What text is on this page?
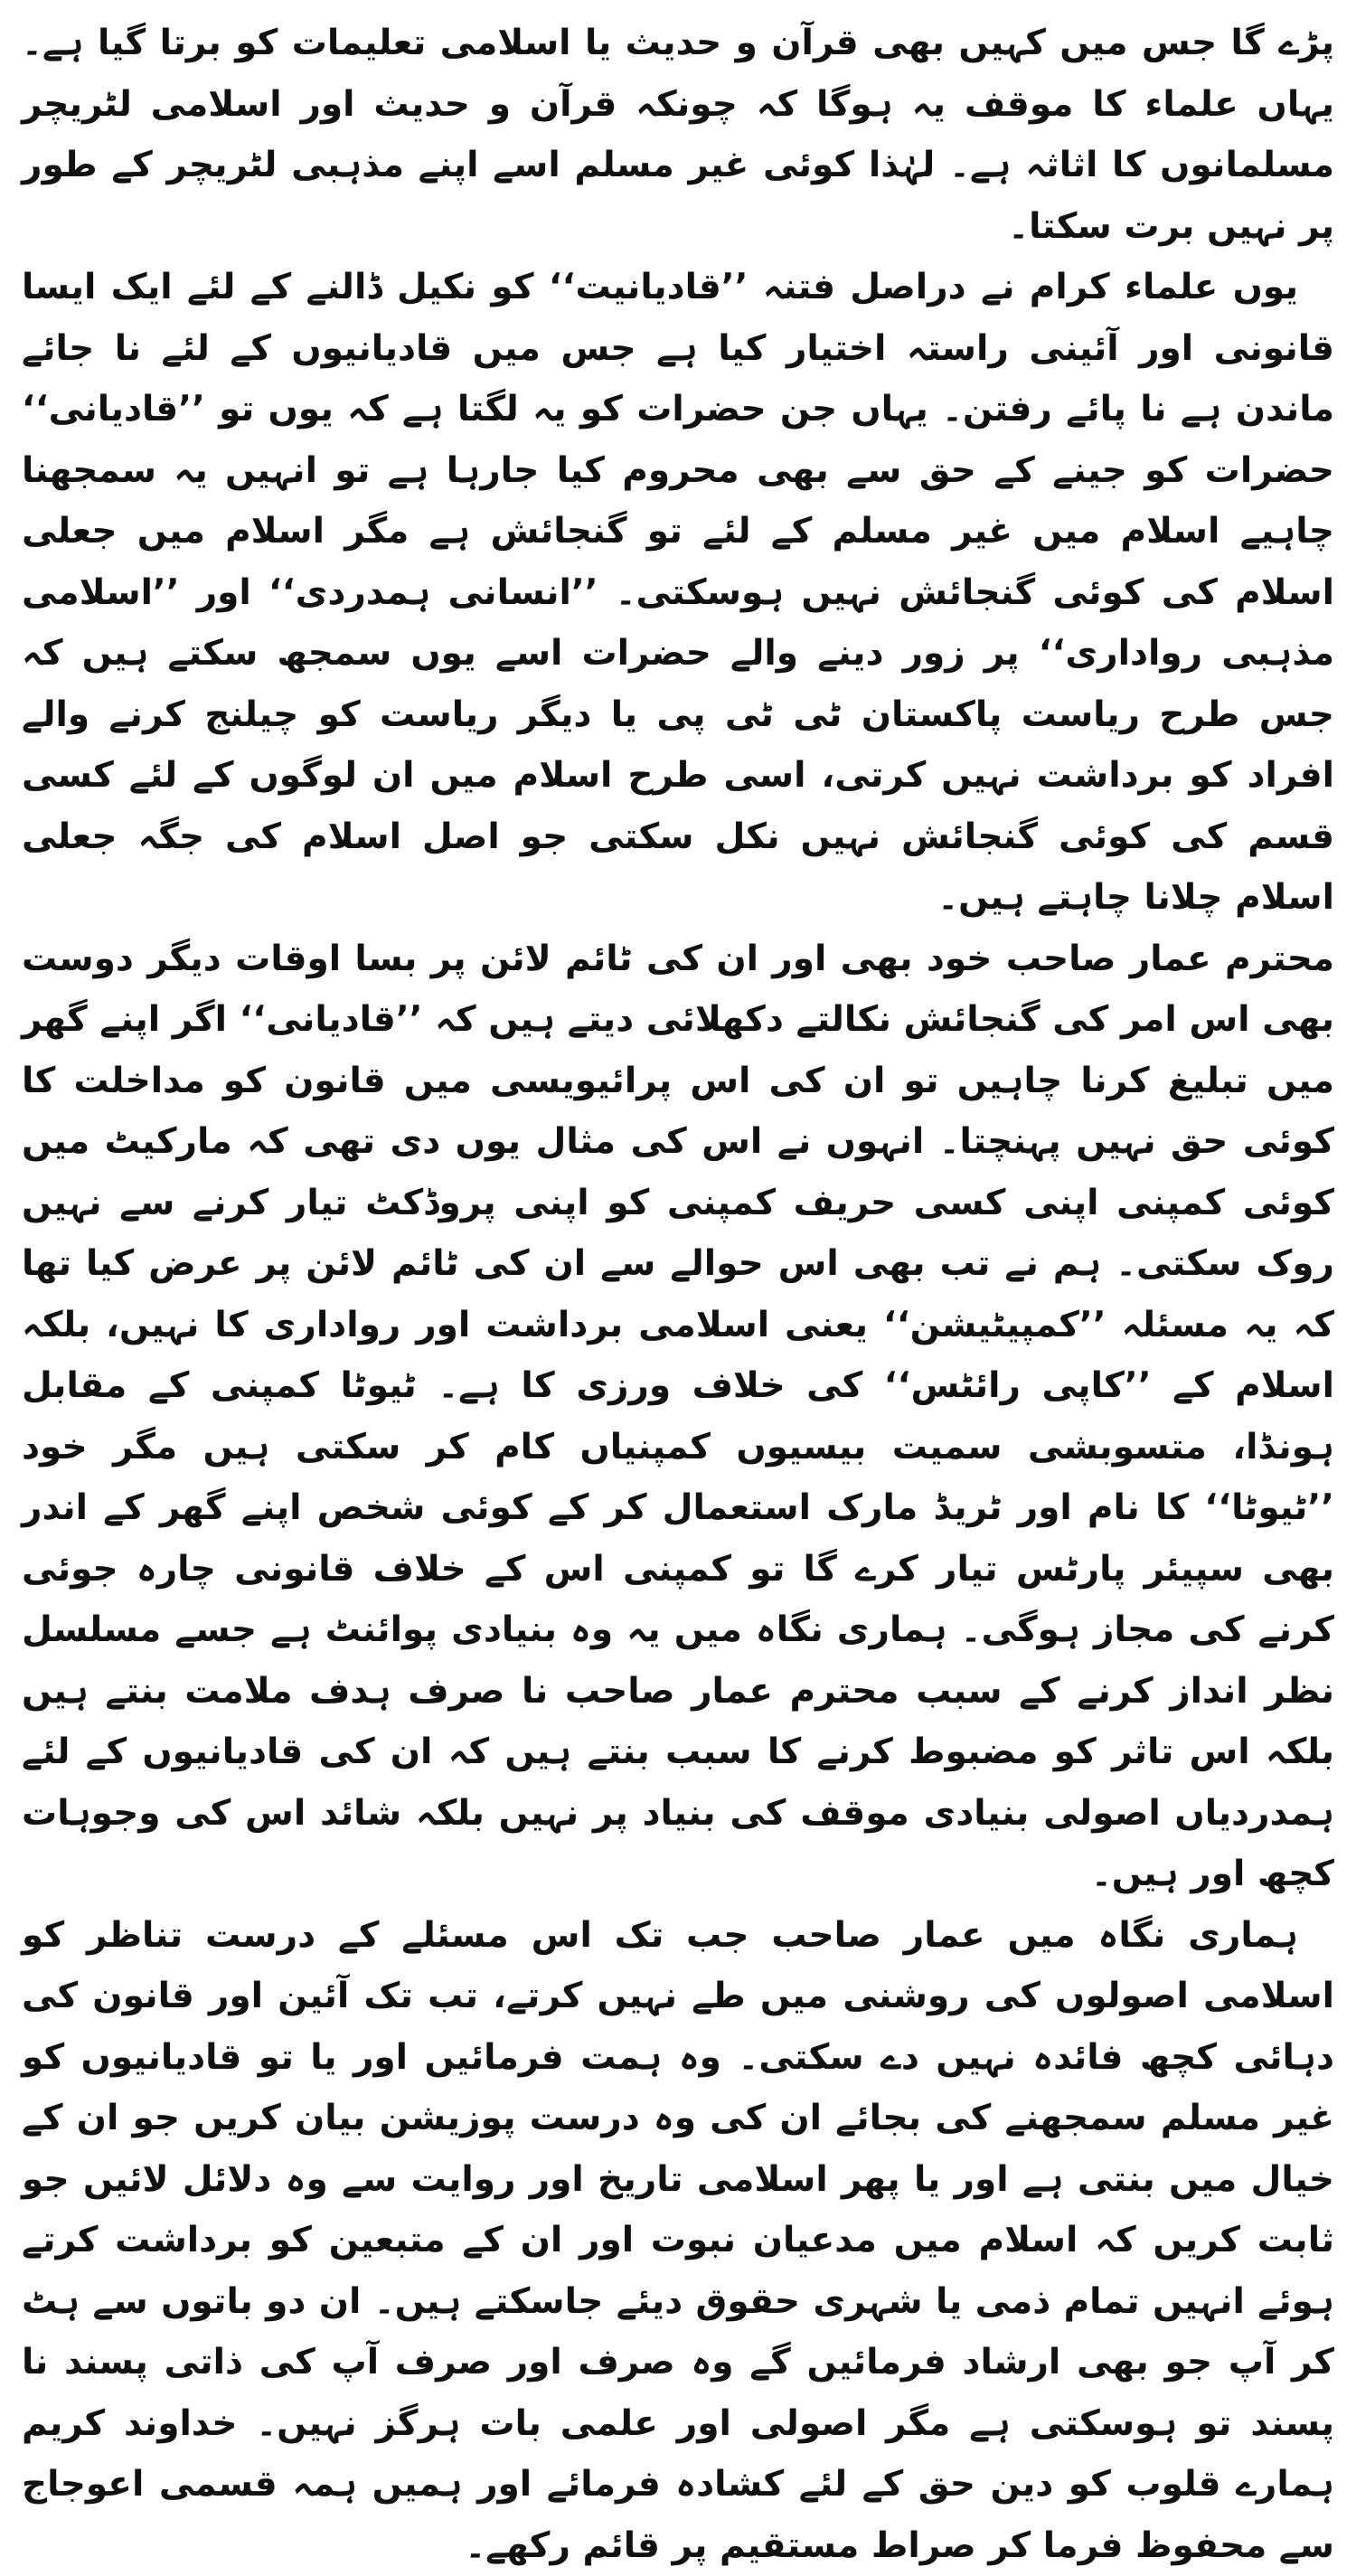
پڑے گا جس میں کہیں بھی قرآن و حدیث یا اسلامی تعلیمات کو برتا گیا ہے۔ یہاں علماء کا موقف یہ ہوگا کہ چونکہ قرآن و حدیث اور اسلامی لٹریچر مسلمانوں کا اثاثہ ہے۔ لہٰذا کوئی غیر مسلم اسے اپنے مذہبی لٹریچر کے طور پر نہیں برت سکتا۔

یوں علماء کرام نے دراصل فتنہ ’’قادیانیت‘‘ کو نکیل ڈالنے کے لئے ایک ایسا قانونی اور آئینی راستہ اختیار کیا ہے جس میں قادیانیوں کے لئے نا جائے ماندن ہے نا پائے رفتن۔ یہاں جن حضرات کو یہ لگتا ہے کہ یوں تو ’’قادیانی‘‘ حضرات کو جینے کے حق سے بھی محروم کیا جارہا ہے تو انہیں یہ سمجھنا چاہیے اسلام میں غیر مسلم کے لئے تو گنجائش ہے مگر اسلام میں جعلی اسلام کی کوئی گنجائش نہیں ہوسکتی۔ ’’انسانی ہمدردی‘‘ اور ’’اسلامی مذہبی رواداری‘‘ پر زور دینے والے حضرات اسے یوں سمجھ سکتے ہیں کہ جس طرح ریاست پاکستان ٹی ٹی پی یا دیگر ریاست کو چیلنج کرنے والے افراد کو برداشت نہیں کرتی، اسی طرح اسلام میں ان لوگوں کے لئے کسی قسم کی کوئی گنجائش نہیں نکل سکتی جو اصل اسلام کی جگہ جعلی اسلام چلانا چاہتے ہیں۔

محترم عمار صاحب خود بھی اور ان کی ٹائم لائن پر بسا اوقات دیگر دوست بھی اس امر کی گنجائش نکالتے دکھلائی دیتے ہیں کہ ’’قادیانی‘‘ اگر اپنے گھر میں تبلیغ کرنا چاہیں تو ان کی اس پرائیویسی میں قانون کو مداخلت کا کوئی حق نہیں پہنچتا۔ انہوں نے اس کی مثال یوں دی تھی کہ مارکیٹ میں کوئی کمپنی اپنی کسی حریف کمپنی کو اپنی پروڈکٹ تیار کرنے سے نہیں روک سکتی۔ ہم نے تب بھی اس حوالے سے ان کی ٹائم لائن پر عرض کیا تھا کہ یہ مسئلہ ’’کمپیٹیشن‘‘ یعنی اسلامی برداشت اور رواداری کا نہیں، بلکہ اسلام کے ’’کاپی رائٹس‘‘ کی خلاف ورزی کا ہے۔ ٹیوٹا کمپنی کے مقابل ہونڈا، متسوبشی سمیت بیسیوں کمپنیاں کام کر سکتی ہیں مگر خود ’’ٹیوٹا‘‘ کا نام اور ٹریڈ مارک استعمال کر کے کوئی شخص اپنے گھر کے اندر بھی سپیئر پارٹس تیار کرے گا تو کمپنی اس کے خلاف قانونی چارہ جوئی کرنے کی مجاز ہوگی۔ ہماری نگاہ میں یہ وہ بنیادی پوائنٹ ہے جسے مسلسل نظر انداز کرنے کے سبب محترم عمار صاحب نا صرف ہدف ملامت بنتے ہیں بلکہ اس تاثر کو مضبوط کرنے کا سبب بنتے ہیں کہ ان کی قادیانیوں کے لئے ہمدردیاں اصولی بنیادی موقف کی بنیاد پر نہیں بلکہ شائد اس کی وجوہات کچھ اور ہیں۔

ہماری نگاہ میں عمار صاحب جب تک اس مسئلے کے درست تناظر کو اسلامی اصولوں کی روشنی میں طے نہیں کرتے، تب تک آئین اور قانون کی دہائی کچھ فائدہ نہیں دے سکتی۔ وہ ہمت فرمائیں اور یا تو قادیانیوں کو غیر مسلم سمجھنے کی بجائے ان کی وہ درست پوزیشن بیان کریں جو ان کے خیال میں بنتی ہے اور یا پھر اسلامی تاریخ اور روایت سے وہ دلائل لائیں جو ثابت کریں کہ اسلام میں مدعیان نبوت اور ان کے متبعین کو برداشت کرتے ہوئے انہیں تمام ذمی یا شہری حقوق دیئے جاسکتے ہیں۔ ان دو باتوں سے ہٹ کر آپ جو بھی ارشاد فرمائیں گے وہ صرف اور صرف آپ کی ذاتی پسند نا پسند تو ہوسکتی ہے مگر اصولی اور علمی بات ہرگز نہیں۔ خداوند کریم ہمارے قلوب کو دین حق کے لئے کشادہ فرمائے اور ہمیں ہمہ قسمی اعوجاج سے محفوظ فرما کر صراط مستقیم پر قائم رکھے۔
